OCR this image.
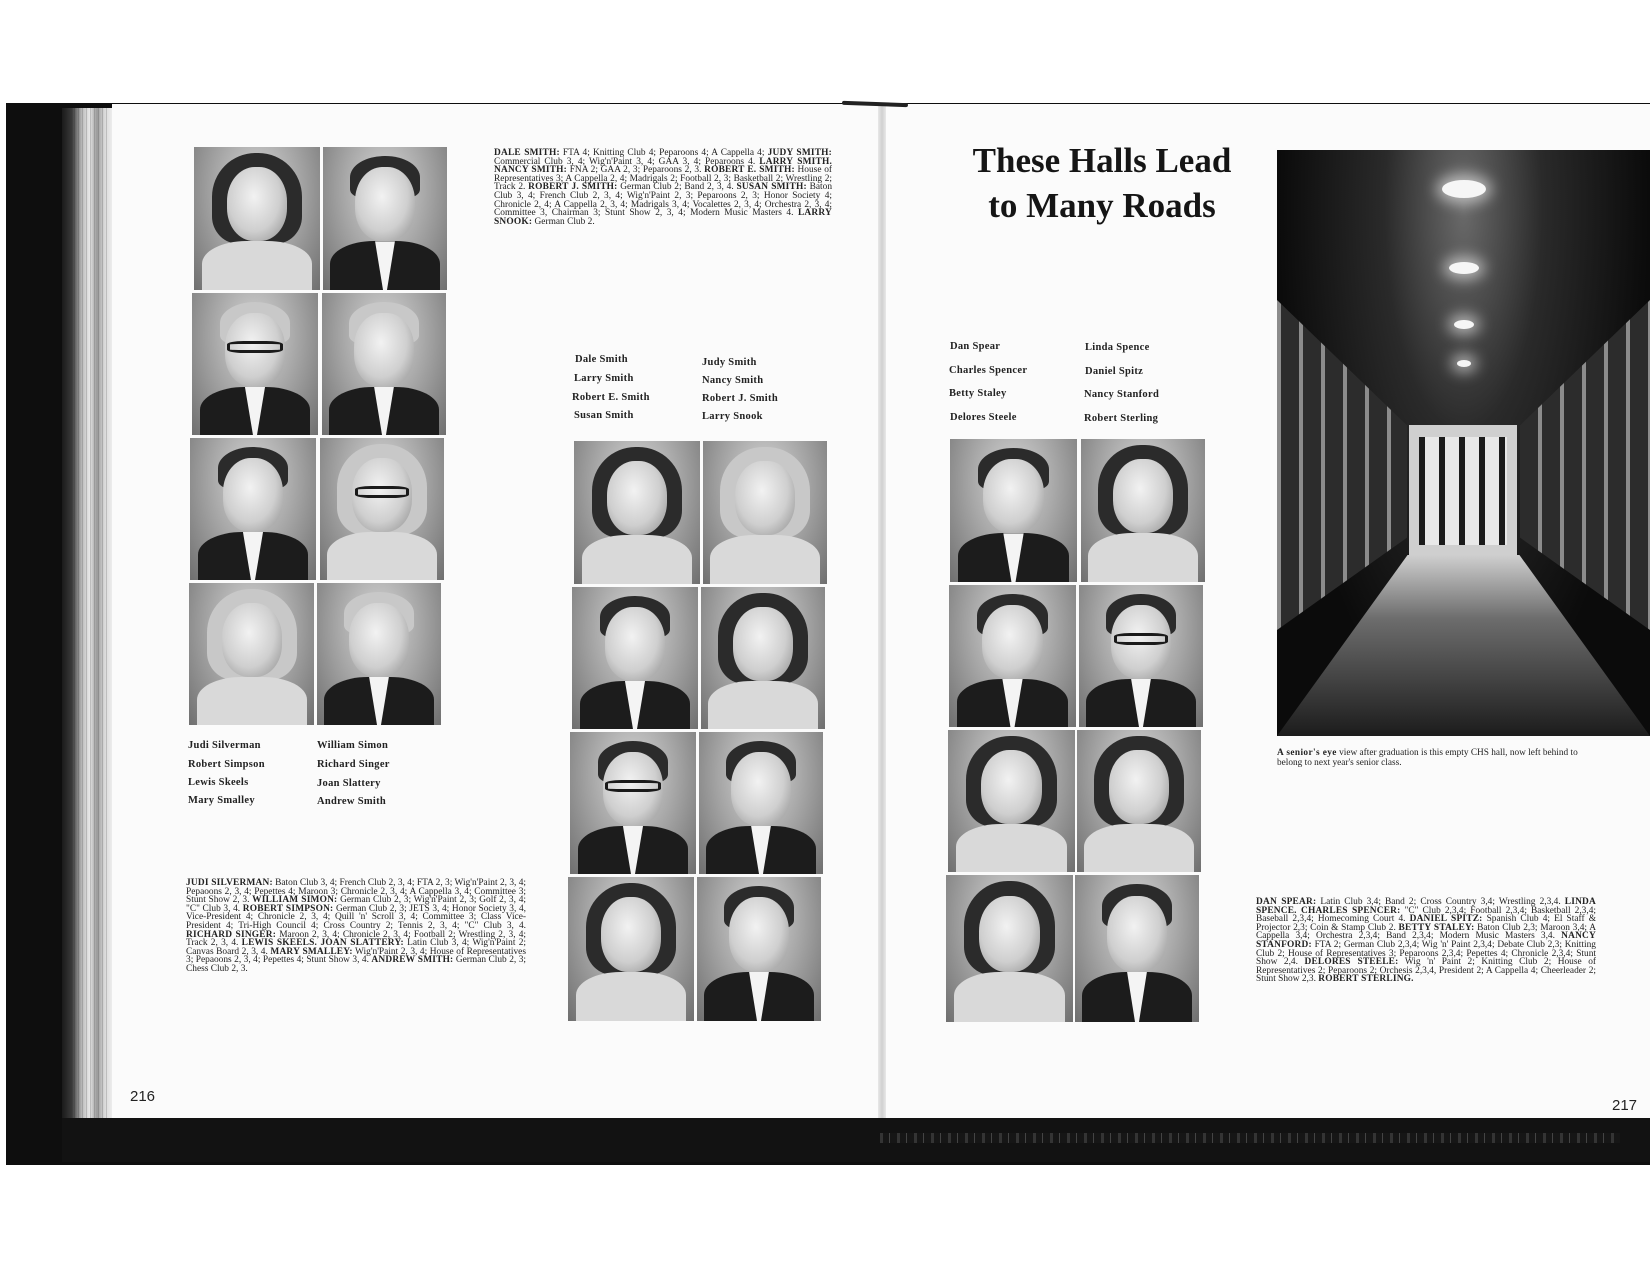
Judi Silverman
Robert Simpson
Lewis Skeels
Mary Smalley
William Simon
Richard Singer
Joan Slattery
Andrew Smith
JUDI SILVERMAN: Baton Club 3, 4; French Club 2, 3, 4; FTA 2, 3; Wig'n'Paint 2, 3, 4; Pepaoons 2, 3, 4; Pepettes 4; Maroon 3; Chronicle 2, 3, 4; A Cappella 3, 4; Committee 3; Stunt Show 2, 3. WILLIAM SIMON: German Club 2, 3; Wig'n'Paint 2, 3; Golf 2, 3, 4; "C" Club 3, 4. ROBERT SIMPSON: German Club 2, 3; JETS 3, 4; Honor Society 3, 4, Vice-President 4; Chronicle 2, 3, 4; Quill 'n' Scroll 3, 4; Committee 3; Class Vice-President 4; Tri-High Council 4; Cross Country 2; Tennis 2, 3, 4; "C" Club 3, 4. RICHARD SINGER: Maroon 2, 3, 4; Chronicle 2, 3, 4; Football 2; Wrestling 2, 3, 4; Track 2, 3, 4. LEWIS SKEELS. JOAN SLATTERY: Latin Club 3, 4; Wig'n'Paint 2; Canvas Board 2, 3, 4. MARY SMALLEY: Wig'n'Paint 2, 3, 4; House of Representatives 3; Pepaoons 2, 3, 4; Pepettes 4; Stunt Show 3, 4. ANDREW SMITH: German Club 2, 3; Chess Club 2, 3.
DALE SMITH: FTA 4; Knitting Club 4; Peparoons 4; A Cappella 4; JUDY SMITH: Commercial Club 3, 4; Wig'n'Paint 3, 4; GAA 3, 4; Peparoons 4. LARRY SMITH. NANCY SMITH: FNA 2; GAA 2, 3; Peparoons 2, 3. ROBERT E. SMITH: House of Representatives 3; A Cappella 2, 4; Madrigals 2; Football 2, 3; Basketball 2; Wrestling 2; Track 2. ROBERT J. SMITH: German Club 2; Band 2, 3, 4. SUSAN SMITH: Baton Club 3, 4; French Club 2, 3, 4; Wig'n'Paint 2, 3; Peparoons 2, 3; Honor Society 4; Chronicle 2, 4; A Cappella 2, 3, 4; Madrigals 3, 4; Vocalettes 2, 3, 4; Orchestra 2, 3, 4; Committee 3, Chairman 3; Stunt Show 2, 3, 4; Modern Music Masters 4. LARRY SNOOK: German Club 2.
Dale Smith
Larry Smith
Robert E. Smith
Susan Smith
Judy Smith
Nancy Smith
Robert J. Smith
Larry Snook
216
These Halls Lead
to Many Roads
A senior's eye view after graduation is this empty CHS hall, now left behind to belong to next year's senior class.
Dan Spear
Charles Spencer
Betty Staley
Delores Steele
Linda Spence
Daniel Spitz
Nancy Stanford
Robert Sterling
DAN SPEAR: Latin Club 3,4; Band 2; Cross Country 3,4; Wrestling 2,3,4. LINDA SPENCE. CHARLES SPENCER: "C" Club 2,3,4; Football 2,3,4; Basketball 2,3,4; Baseball 2,3,4; Homecoming Court 4. DANIEL SPITZ: Spanish Club 4; El Staff & Projector 2,3; Coin & Stamp Club 2. BETTY STALEY: Baton Club 2,3; Maroon 3,4; A Cappella 3,4; Orchestra 2,3,4; Band 2,3,4; Modern Music Masters 3,4. NANCY STANFORD: FTA 2; German Club 2,3,4; Wig 'n' Paint 2,3,4; Debate Club 2,3; Knitting Club 2; House of Representatives 3; Peparoons 2,3,4; Pepettes 4; Chronicle 2,3,4; Stunt Show 2,4. DELORES STEELE: Wig 'n' Paint 2; Knitting Club 2; House of Representatives 2; Peparoons 2; Orchesis 2,3,4, President 2; A Cappella 4; Cheerleader 2; Stunt Show 2,3. ROBERT STERLING.
217
